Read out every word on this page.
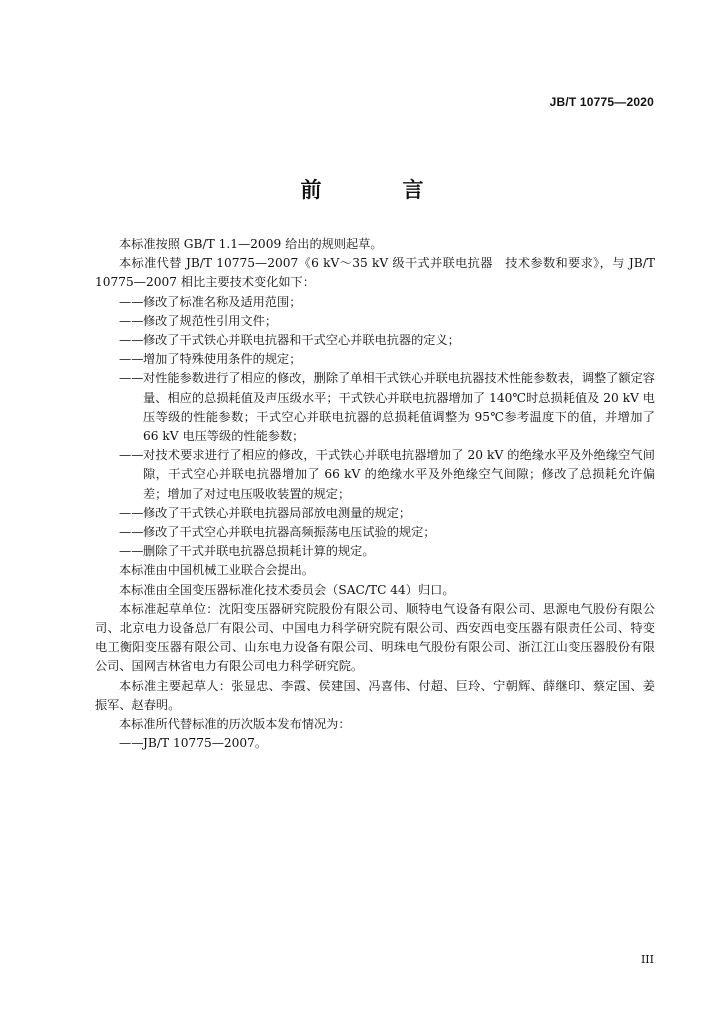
JB/T 10775—2020
前　言

本标准按照 GB/T 1.1—2009 给出的规则起草。

本标准代替 JB/T 10775—2007《6 kV～35 kV 级干式并联电抗器　技术参数和要求》，与 JB/T 10775—2007 相比主要技术变化如下：

——修改了标准名称及适用范围；

——修改了规范性引用文件；

——修改了干式铁心并联电抗器和干式空心并联电抗器的定义；

——增加了特殊使用条件的规定；

——对性能参数进行了相应的修改，删除了单相干式铁心并联电抗器技术性能参数表，调整了额定容量、相应的总损耗值及声压级水平；干式铁心并联电抗器增加了 140℃时总损耗值及 20 kV 电压等级的性能参数；干式空心并联电抗器的总损耗值调整为 95℃参考温度下的值，并增加了 66 kV 电压等级的性能参数；

——对技术要求进行了相应的修改，干式铁心并联电抗器增加了 20 kV 的绝缘水平及外绝缘空气间隙，干式空心并联电抗器增加了 66 kV 的绝缘水平及外绝缘空气间隙；修改了总损耗允许偏差；增加了对过电压吸收装置的规定；

——修改了干式铁心并联电抗器局部放电测量的规定；

——修改了干式空心并联电抗器高频振荡电压试验的规定；

——删除了干式并联电抗器总损耗计算的规定。

本标准由中国机械工业联合会提出。

本标准由全国变压器标准化技术委员会（SAC/TC 44）归口。

本标准起草单位：沈阳变压器研究院股份有限公司、顺特电气设备有限公司、思源电气股份有限公司、北京电力设备总厂有限公司、中国电力科学研究院有限公司、西安西电变压器有限责任公司、特变电工衡阳变压器有限公司、山东电力设备有限公司、明珠电气股份有限公司、浙江江山变压器股份有限公司、国网吉林省电力有限公司电力科学研究院。

本标准主要起草人：张显忠、李霞、侯建国、冯喜伟、付超、巨玲、宁朝辉、薛继印、蔡定国、姜振军、赵春明。

本标准所代替标准的历次版本发布情况为：

——JB/T 10775—2007。

III
